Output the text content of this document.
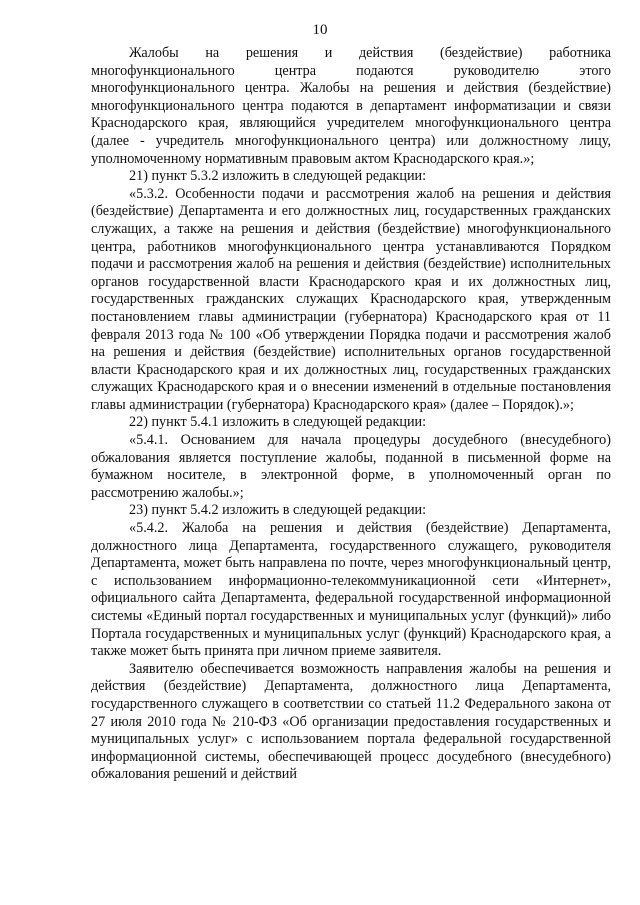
10

Жалобы на решения и действия (бездействие) работника многофункционального центра подаются руководителю этого многофункционального центра. Жалобы на решения и действия (бездействие) многофункционального центра подаются в департамент информатизации и связи Краснодарского края, являющийся учредителем многофункционального центра (далее - учредитель многофункционального центра) или должностному лицу, уполномоченному нормативным правовым актом Краснодарского края.»;

21) пункт 5.3.2 изложить в следующей редакции:

«5.3.2. Особенности подачи и рассмотрения жалоб на решения и действия (бездействие) Департамента и его должностных лиц, государственных гражданских служащих, а также на решения и действия (бездействие) многофункционального центра, работников многофункционального центра устанавливаются Порядком подачи и рассмотрения жалоб на решения и действия (бездействие) исполнительных органов государственной власти Краснодарского края и их должностных лиц, государственных гражданских служащих Краснодарского края, утвержденным постановлением главы администрации (губернатора) Краснодарского края от 11 февраля 2013 года № 100 «Об утверждении Порядка подачи и рассмотрения жалоб на решения и действия (бездействие) исполнительных органов государственной власти Краснодарского края и их должностных лиц, государственных гражданских служащих Краснодарского края и о внесении изменений в отдельные постановления главы администрации (губернатора) Краснодарского края» (далее – Порядок).»;

22) пункт 5.4.1 изложить в следующей редакции:

«5.4.1. Основанием для начала процедуры досудебного (внесудебного) обжалования является поступление жалобы, поданной в письменной форме на бумажном носителе, в электронной форме, в уполномоченный орган по рассмотрению жалобы.»;

23) пункт 5.4.2 изложить в следующей редакции:

«5.4.2. Жалоба на решения и действия (бездействие) Департамента, должностного лица Департамента, государственного служащего, руководителя Департамента, может быть направлена по почте, через многофункциональный центр, с использованием информационно-телекоммуникационной сети «Интернет», официального сайта Департамента, федеральной государственной информационной системы «Единый портал государственных и муниципальных услуг (функций)» либо Портала государственных и муниципальных услуг (функций) Краснодарского края, а также может быть принята при личном приеме заявителя.

Заявителю обеспечивается возможность направления жалобы на решения и действия (бездействие) Департамента, должностного лица Департамента, государственного служащего в соответствии со статьей 11.2 Федерального закона от 27 июля 2010 года № 210-ФЗ «Об организации предоставления государственных и муниципальных услуг» с использованием портала федеральной государственной информационной системы, обеспечивающей процесс досудебного (внесудебного) обжалования решений и действий
